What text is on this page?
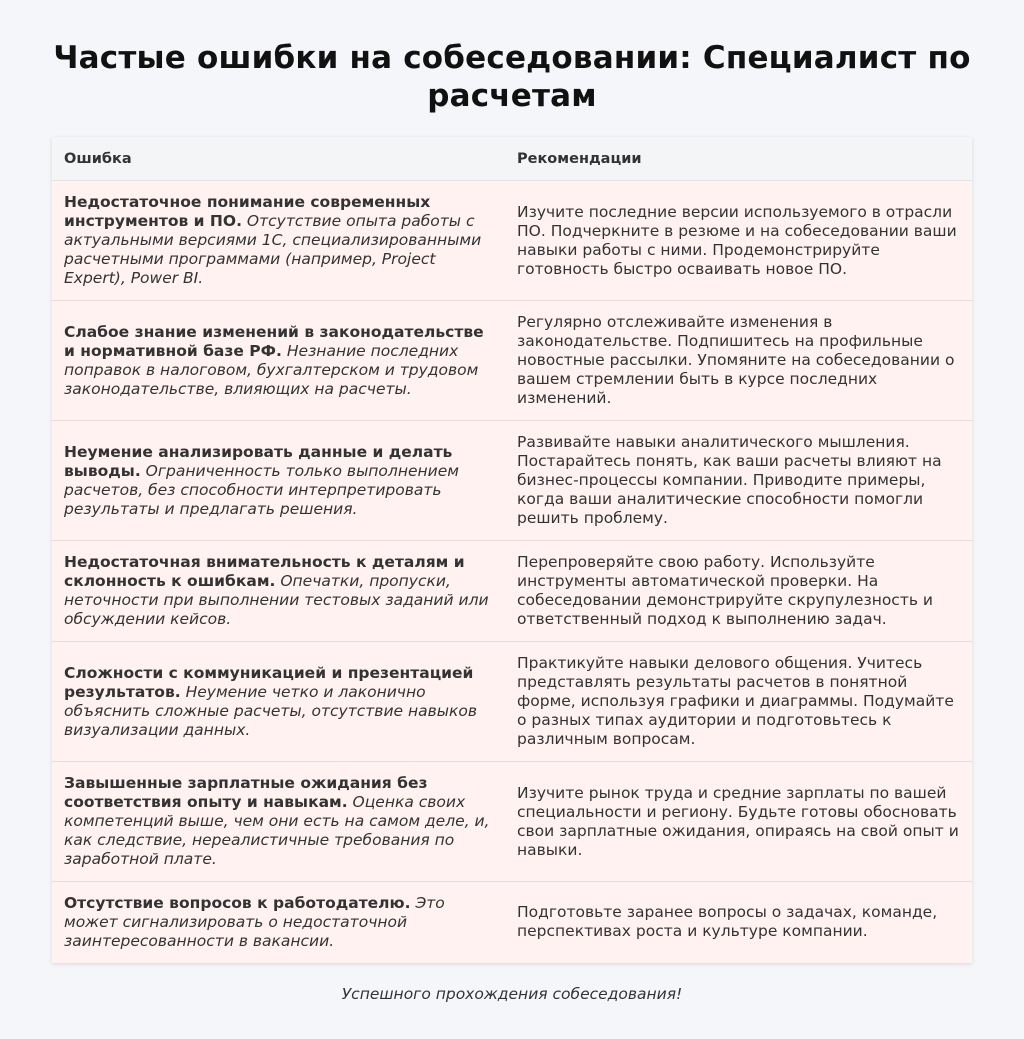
Частые ошибки на собеседовании: Специалист по расчетам
Ошибка	Рекомендации
Недостаточное понимание современных инструментов и ПО. Отсутствие опыта работы с актуальными версиями 1С, специализированными расчетными программами (например, Project Expert), Power BI.	Изучите последние версии используемого в отрасли ПО. Подчеркните в резюме и на собеседовании ваши навыки работы с ними. Продемонстрируйте готовность быстро осваивать новое ПО.
Слабое знание изменений в законодательстве и нормативной базе РФ. Незнание последних поправок в налоговом, бухгалтерском и трудовом законодательстве, влияющих на расчеты.	Регулярно отслеживайте изменения в законодательстве. Подпишитесь на профильные новостные рассылки. Упомяните на собеседовании о вашем стремлении быть в курсе последних изменений.
Неумение анализировать данные и делать выводы. Ограниченность только выполнением расчетов, без способности интерпретировать результаты и предлагать решения.	Развивайте навыки аналитического мышления. Постарайтесь понять, как ваши расчеты влияют на бизнес-процессы компании. Приводите примеры, когда ваши аналитические способности помогли решить проблему.
Недостаточная внимательность к деталям и склонность к ошибкам. Опечатки, пропуски, неточности при выполнении тестовых заданий или обсуждении кейсов.	Перепроверяйте свою работу. Используйте инструменты автоматической проверки. На собеседовании демонстрируйте скрупулезность и ответственный подход к выполнению задач.
Сложности с коммуникацией и презентацией результатов. Неумение четко и лаконично объяснить сложные расчеты, отсутствие навыков визуализации данных.	Практикуйте навыки делового общения. Учитесь представлять результаты расчетов в понятной форме, используя графики и диаграммы. Подумайте о разных типах аудитории и подготовьтесь к различным вопросам.
Завышенные зарплатные ожидания без соответствия опыту и навыкам. Оценка своих компетенций выше, чем они есть на самом деле, и, как следствие, нереалистичные требования по заработной плате.	Изучите рынок труда и средние зарплаты по вашей специальности и региону. Будьте готовы обосновать свои зарплатные ожидания, опираясь на свой опыт и навыки.
Отсутствие вопросов к работодателю. Это может сигнализировать о недостаточной заинтересованности в вакансии.	Подготовьте заранее вопросы о задачах, команде, перспективах роста и культуре компании.
Успешного прохождения собеседования!
